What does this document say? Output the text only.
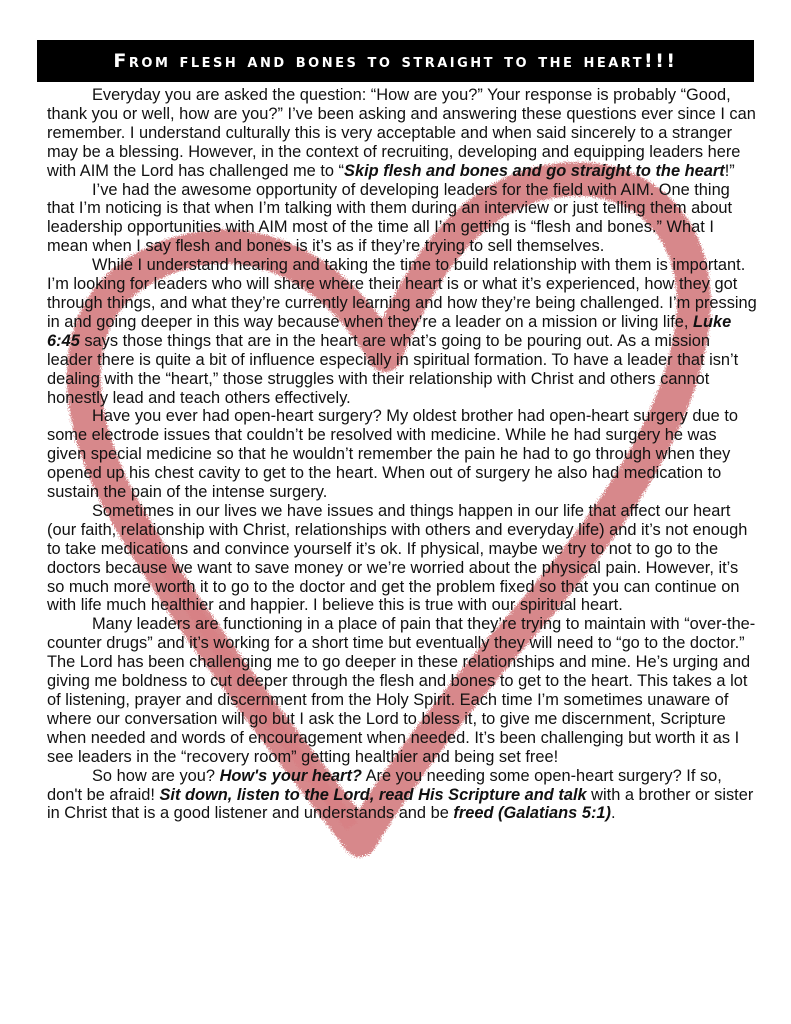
From flesh and bones to straight to the heart!!!

Everyday you are asked the question: “How are you?” Your response is probably “Good, thank you or well, how are you?” I’ve been asking and answering these questions ever since I can remember. I understand culturally this is very acceptable and when said sincerely to a stranger may be a blessing. However, in the context of recruiting, developing and equipping leaders here with AIM the Lord has challenged me to “Skip flesh and bones and go straight to the heart!”

I’ve had the awesome opportunity of developing leaders for the field with AIM. One thing that I’m noticing is that when I’m talking with them during an interview or just telling them about leadership opportunities with AIM most of the time all I’m getting is “flesh and bones.” What I mean when I say flesh and bones is it’s as if they’re trying to sell themselves.

While I understand hearing and taking the time to build relationship with them is important. I’m looking for leaders who will share where their heart is or what it’s experienced, how they got through things, and what they’re currently learning and how they’re being challenged. I’m pressing in and going deeper in this way because when they’re a leader on a mission or living life, Luke 6:45 says those things that are in the heart are what’s going to be pouring out. As a mission leader there is quite a bit of influence especially in spiritual formation. To have a leader that isn’t dealing with the “heart,” those struggles with their relationship with Christ and others cannot honestly lead and teach others effectively.

Have you ever had open-heart surgery? My oldest brother had open-heart surgery due to some electrode issues that couldn’t be resolved with medicine. While he had surgery he was given special medicine so that he wouldn’t remember the pain he had to go through when they opened up his chest cavity to get to the heart. When out of surgery he also had medication to sustain the pain of the intense surgery.

Sometimes in our lives we have issues and things happen in our life that affect our heart (our faith, relationship with Christ, relationships with others and everyday life) and it’s not enough to take medications and convince yourself it’s ok. If physical, maybe we try to not to go to the doctors because we want to save money or we’re worried about the physical pain. However, it’s so much more worth it to go to the doctor and get the problem fixed so that you can continue on with life much healthier and happier. I believe this is true with our spiritual heart.

Many leaders are functioning in a place of pain that they’re trying to maintain with “over-the-counter drugs” and it’s working for a short time but eventually they will need to “go to the doctor.” The Lord has been challenging me to go deeper in these relationships and mine. He’s urging and giving me boldness to cut deeper through the flesh and bones to get to the heart. This takes a lot of listening, prayer and discernment from the Holy Spirit. Each time I’m sometimes unaware of where our conversation will go but I ask the Lord to bless it, to give me discernment, Scripture when needed and words of encouragement when needed. It’s been challenging but worth it as I see leaders in the “recovery room” getting healthier and being set free!

So how are you? How's your heart? Are you needing some open-heart surgery? If so, don't be afraid! Sit down, listen to the Lord, read His Scripture and talk with a brother or sister in Christ that is a good listener and understands and be freed (Galatians 5:1).
